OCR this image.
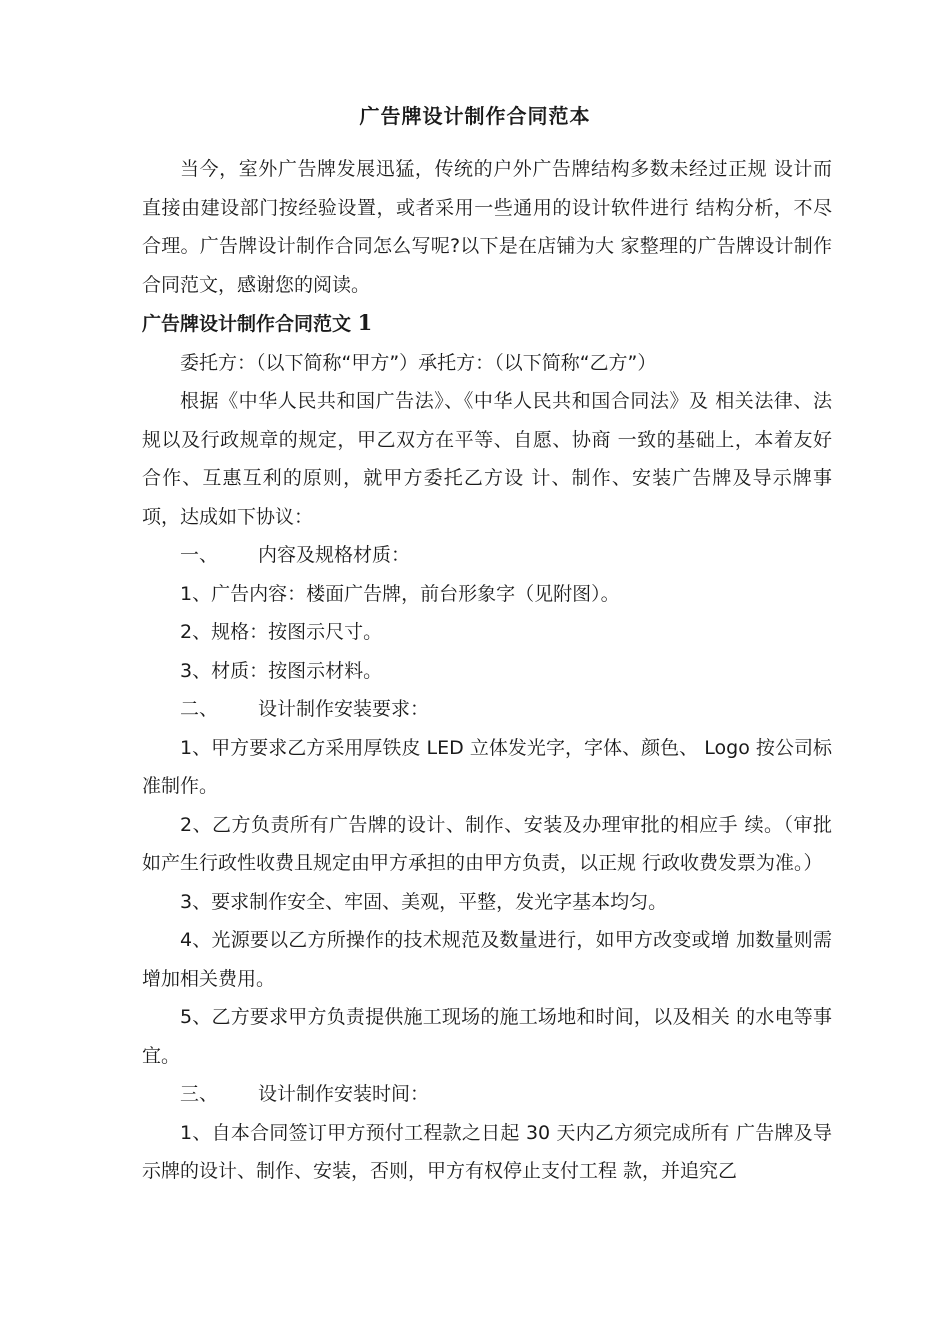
广告牌设计制作合同范本

当今，室外广告牌发展迅猛，传统的户外广告牌结构多数未经过正规 设计而直接由建设部门按经验设置，或者采用一些通用的设计软件进行 结构分析，不尽合理。广告牌设计制作合同怎么写呢?以下是在店铺为大 家整理的广告牌设计制作合同范文，感谢您的阅读。

广告牌设计制作合同范文 1

委托方：（以下简称“甲方”）承托方：（以下简称“乙方”）

根据《中华人民共和国广告法》、《中华人民共和国合同法》及 相关法律、法规以及行政规章的规定，甲乙双方在平等、自愿、协商 一致的基础上，本着友好合作、互惠互利的原则，就甲方委托乙方设 计、制作、安装广告牌及导示牌事项，达成如下协议：

一、 内容及规格材质：

1、广告内容：楼面广告牌，前台形象字（见附图）。

2、规格：按图示尺寸。

3、材质：按图示材料。

二、 设计制作安装要求：

1、甲方要求乙方采用厚铁皮 LED 立体发光字，字体、颜色、 Logo 按公司标准制作。

2、乙方负责所有广告牌的设计、制作、安装及办理审批的相应手 续。（审批如产生行政性收费且规定由甲方承担的由甲方负责，以正规 行政收费发票为准。）

3、要求制作安全、牢固、美观，平整，发光字基本均匀。

4、光源要以乙方所操作的技术规范及数量进行，如甲方改变或增 加数量则需增加相关费用。

5、乙方要求甲方负责提供施工现场的施工场地和时间，以及相关 的水电等事宜。

三、 设计制作安装时间：

1、自本合同签订甲方预付工程款之日起 30 天内乙方须完成所有 广告牌及导示牌的设计、制作、安装，否则，甲方有权停止支付工程 款，并追究乙
